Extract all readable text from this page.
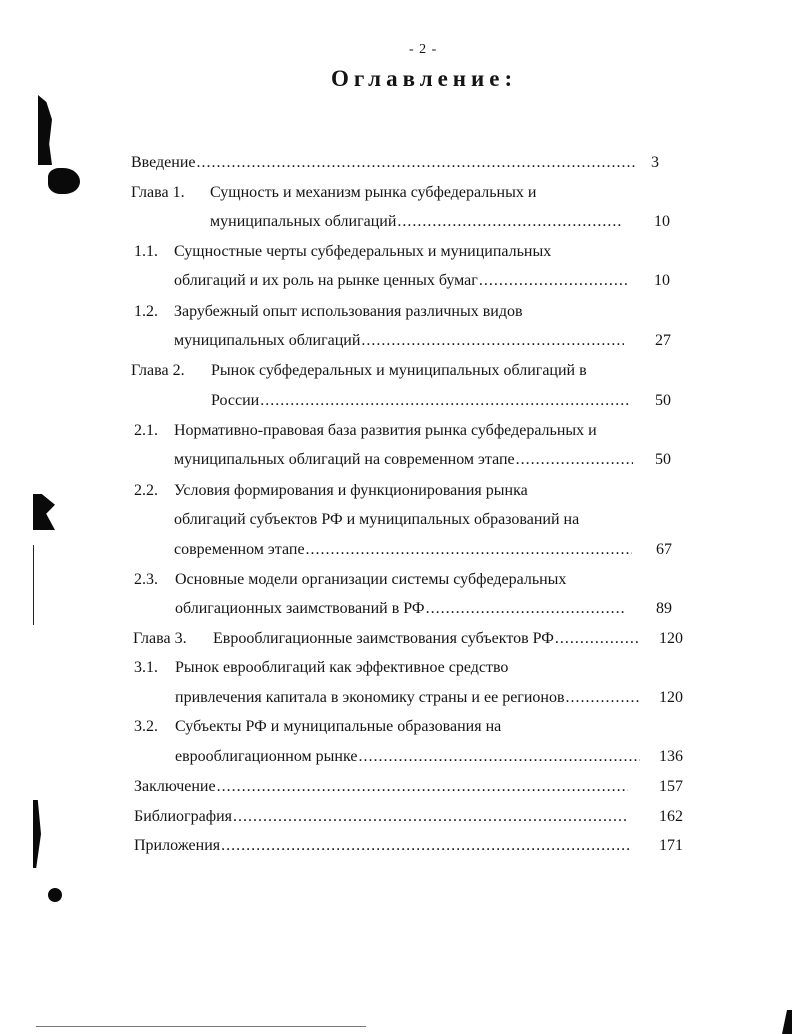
- 2 -
Оглавление:
Введение .....	3
Глава 1. Сущность и механизм рынка субфедеральных и
муниципальных облигаций .....	10
1.1. Сущностные черты субфедеральных и муниципальных
облигаций и их роль на рынке ценных бумаг .....	10
1.2. Зарубежный опыт использования различных видов
муниципальных облигаций .....	27
Глава 2. Рынок субфедеральных и муниципальных облигаций в
России .....	50
2.1. Нормативно-правовая база развития рынка субфедеральных и
муниципальных облигаций на современном этапе .....	50
2.2. Условия формирования и функционирования рынка
облигаций субъектов РФ и муниципальных образований на
современном этапе .....	67
2.3. Основные модели организации системы субфедеральных
облигационных заимствований в РФ .....	89
Глава 3. Еврооблигационные заимствования субъектов РФ .....	120
3.1. Рынок еврооблигаций как эффективное средство
привлечения капитала в экономику страны и ее регионов .....	120
3.2. Субъекты РФ и муниципальные образования на
еврооблигационном рынке .....	136
Заключение .....	157
Библиография .....	162
Приложения .....	171
